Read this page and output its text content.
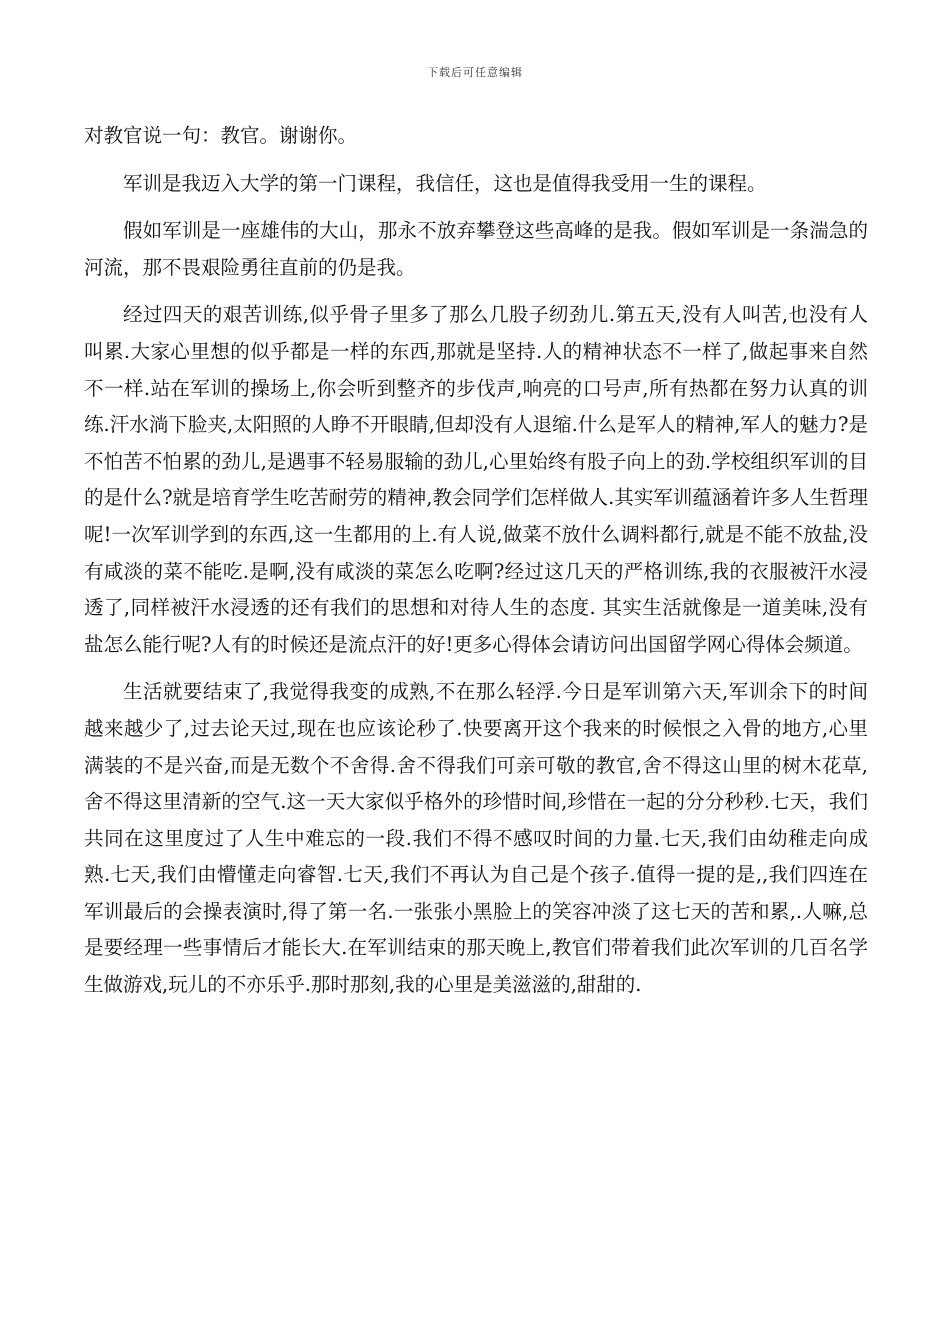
下载后可任意编辑

对教官说一句：教官。谢谢你。

军训是我迈入大学的第一门课程，我信任，这也是值得我受用一生的课程。

假如军训是一座雄伟的大山，那永不放弃攀登这些高峰的是我。假如军训是一条湍急的河流，那不畏艰险勇往直前的仍是我。

经过四天的艰苦训练,似乎骨子里多了那么几股子纫劲儿.第五天,没有人叫苦,也没有人叫累.大家心里想的似乎都是一样的东西,那就是坚持.人的精神状态不一样了,做起事来自然不一样.站在军训的操场上,你会听到整齐的步伐声,响亮的口号声,所有热都在努力认真的训练.汗水淌下脸夹,太阳照的人睁不开眼睛,但却没有人退缩.什么是军人的精神,军人的魅力?是不怕苦不怕累的劲儿,是遇事不轻易服输的劲儿,心里始终有股子向上的劲.学校组织军训的目的是什么?就是培育学生吃苦耐劳的精神,教会同学们怎样做人.其实军训蕴涵着许多人生哲理呢!一次军训学到的东西,这一生都用的上.有人说,做菜不放什么调料都行,就是不能不放盐,没有咸淡的菜不能吃.是啊,没有咸淡的菜怎么吃啊?经过这几天的严格训练,我的衣服被汗水浸透了,同样被汗水浸透的还有我们的思想和对待人生的态度. 其实生活就像是一道美味,没有盐怎么能行呢?人有的时候还是流点汗的好!更多心得体会请访问出国留学网心得体会频道。

生活就要结束了,我觉得我变的成熟,不在那么轻浮.今日是军训第六天,军训余下的时间越来越少了,过去论天过,现在也应该论秒了.快要离开这个我来的时候恨之入骨的地方,心里满装的不是兴奋,而是无数个不舍得.舍不得我们可亲可敬的教官,舍不得这山里的树木花草,舍不得这里清新的空气.这一天大家似乎格外的珍惜时间,珍惜在一起的分分秒秒.七天，我们共同在这里度过了人生中难忘的一段.我们不得不感叹时间的力量.七天,我们由幼稚走向成熟.七天,我们由懵懂走向睿智.七天,我们不再认为自己是个孩子.值得一提的是,,我们四连在军训最后的会操表演时,得了第一名.一张张小黑脸上的笑容冲淡了这七天的苦和累,.人嘛,总是要经理一些事情后才能长大.在军训结束的那天晚上,教官们带着我们此次军训的几百名学生做游戏,玩儿的不亦乐乎.那时那刻,我的心里是美滋滋的,甜甜的.
